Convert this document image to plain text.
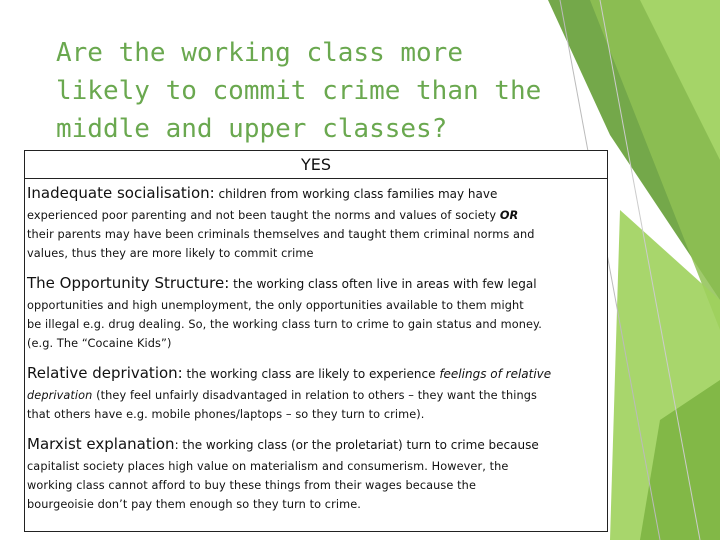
Are the working class more
likely to commit crime than the
middle and upper classes?
YES
Inadequate socialisation: children from working class families may have
experienced poor parenting and not been taught the norms and values of society OR
their parents may have been criminals themselves and taught them criminal norms and
values, thus they are more likely to commit crime
The Opportunity Structure: the working class often live in areas with few legal
opportunities and high unemployment, the only opportunities available to them might
be illegal e.g. drug dealing. So, the working class turn to crime to gain status and money.
(e.g. The “Cocaine Kids”)
Relative deprivation: the working class are likely to experience feelings of relative
deprivation (they feel unfairly disadvantaged in relation to others – they want the things
that others have e.g. mobile phones/laptops – so they turn to crime).
Marxist explanation: the working class (or the proletariat) turn to crime because
capitalist society places high value on materialism and consumerism. However, the
working class cannot afford to buy these things from their wages because the
bourgeoisie don’t pay them enough so they turn to crime.
